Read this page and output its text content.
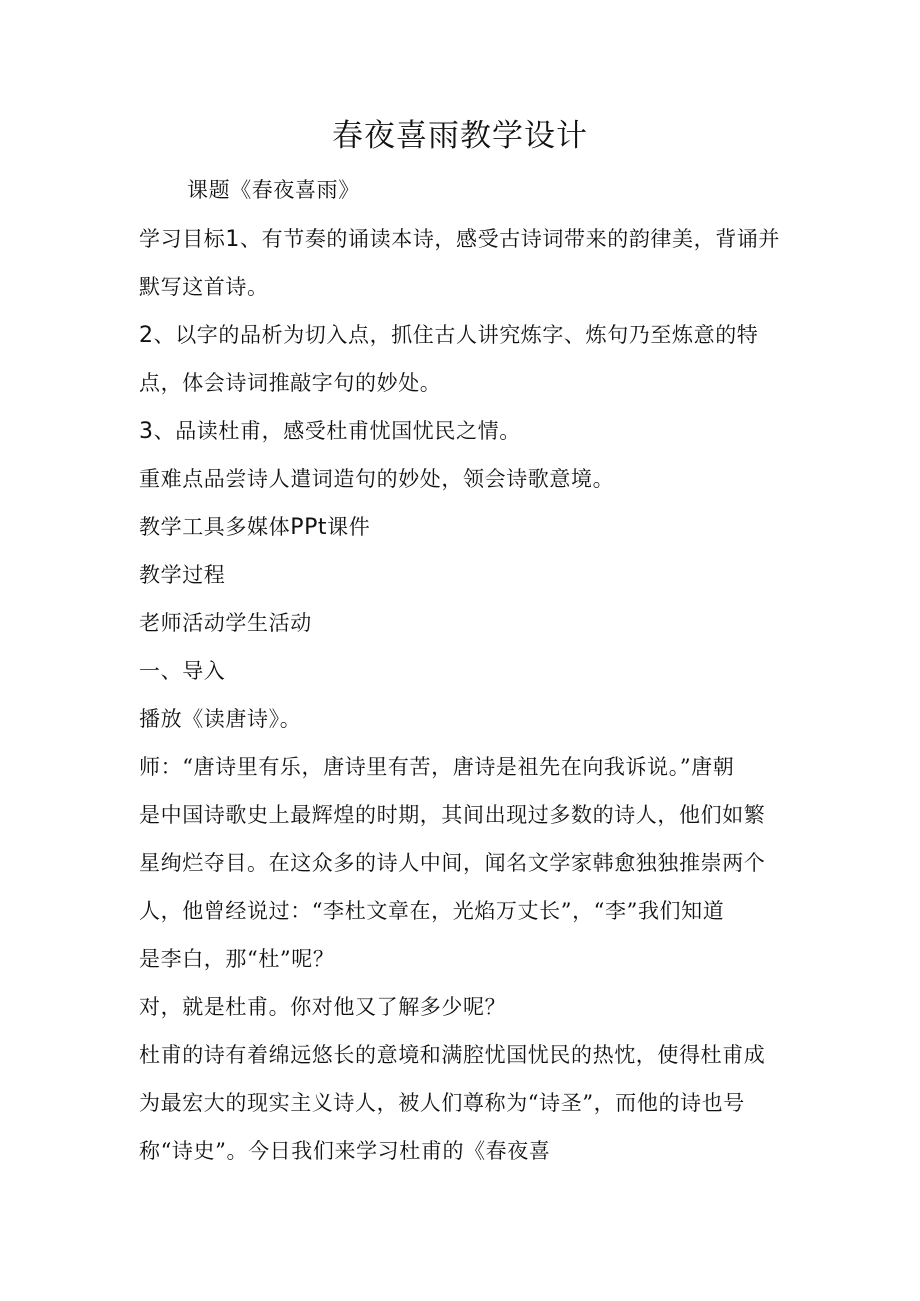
春夜喜雨教学设计
课题《春夜喜雨》
学习目标1、有节奏的诵读本诗，感受古诗词带来的韵律美，背诵并
默写这首诗。
2、以字的品析为切入点，抓住古人讲究炼字、炼句乃至炼意的特
点，体会诗词推敲字句的妙处。
3、品读杜甫，感受杜甫忧国忧民之情。
重难点品尝诗人遣词造句的妙处，领会诗歌意境。
教学工具多媒体PPt课件
教学过程
老师活动学生活动
一、导入
播放《读唐诗》。
师：“唐诗里有乐，唐诗里有苦，唐诗是祖先在向我诉说。”唐朝
是中国诗歌史上最辉煌的时期，其间出现过多数的诗人，他们如繁
星绚烂夺目。在这众多的诗人中间，闻名文学家韩愈独独推崇两个
人，他曾经说过：“李杜文章在，光焰万丈长”，“李”我们知道
是李白，那“杜”呢？
对，就是杜甫。你对他又了解多少呢？
杜甫的诗有着绵远悠长的意境和满腔忧国忧民的热忱，使得杜甫成
为最宏大的现实主义诗人，被人们尊称为“诗圣”，而他的诗也号
称“诗史”。今日我们来学习杜甫的《春夜喜
